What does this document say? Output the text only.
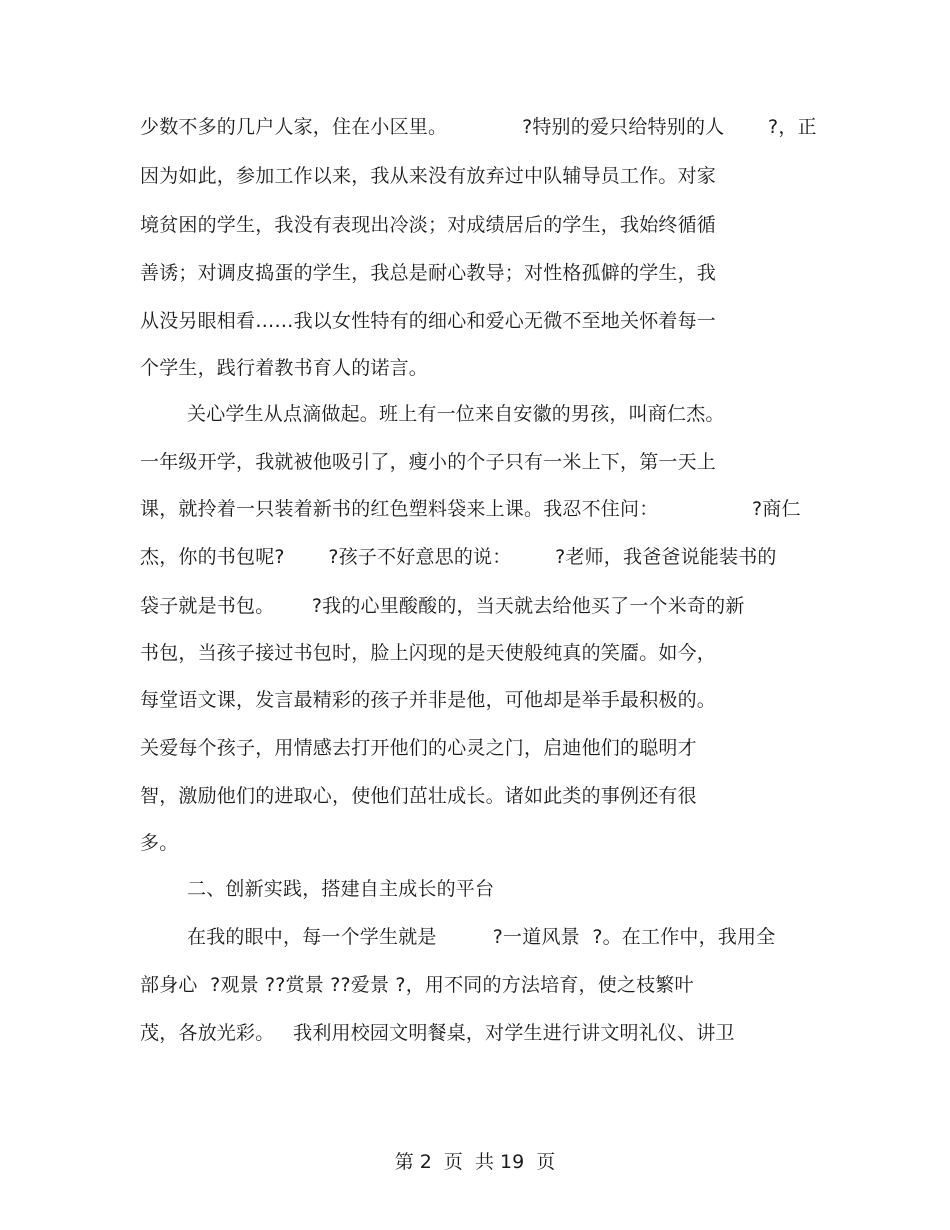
少数不多的几户人家，住在小区里。            ?特别的爱只给特别的人       ?，正
因为如此，参加工作以来，我从来没有放弃过中队辅导员工作。对家
境贫困的学生，我没有表现出冷淡；对成绩居后的学生，我始终循循
善诱；对调皮捣蛋的学生，我总是耐心教导；对性格孤僻的学生，我
从没另眼相看……我以女性特有的细心和爱心无微不至地关怀着每一
个学生，践行着教书育人的诺言。
关心学生从点滴做起。班上有一位来自安徽的男孩，叫商仁杰。
一年级开学，我就被他吸引了，瘦小的个子只有一米上下，第一天上
课，就拎着一只装着新书的红色塑料袋来上课。我忍不住问：               ?商仁
杰，你的书包呢?       ?孩子不好意思的说：       ?老师，我爸爸说能装书的
袋子就是书包。      ?我的心里酸酸的，当天就去给他买了一个米奇的新
书包，当孩子接过书包时，脸上闪现的是天使般纯真的笑靥。如今，
每堂语文课，发言最精彩的孩子并非是他，可他却是举手最积极的。
关爱每个孩子，用情感去打开他们的心灵之门，启迪他们的聪明才
智，激励他们的进取心，使他们茁壮成长。诸如此类的事例还有很
多。
二、创新实践，搭建自主成长的平台
在我的眼中，每一个学生就是         ?一道风景  ?。在工作中，我用全
部身心  ?观景 ??赏景 ??爱景 ?，用不同的方法培育，使之枝繁叶
茂，各放光彩。   我利用校园文明餐桌，对学生进行讲文明礼仪、讲卫
第 2  页  共 19  页
